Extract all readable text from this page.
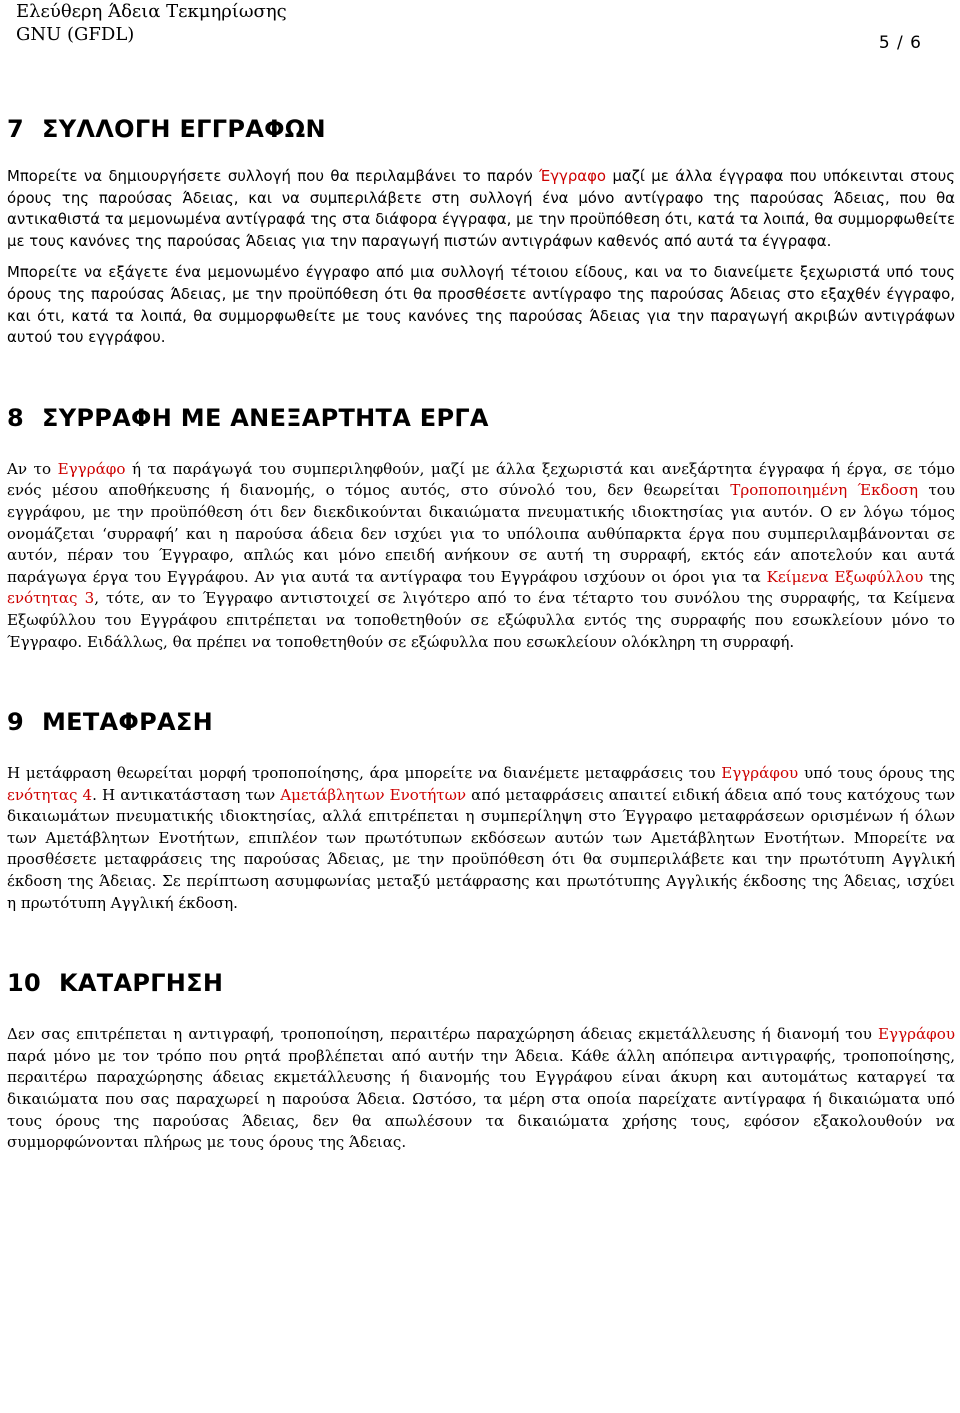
Ελεύθερη Άδεια Τεκμηρίωσης
GNU (GFDL)	5 / 6
7 ΣΥΛΛΟΓΗ ΕΓΓΡΑΦΩΝ

Μπορείτε να δημιουργήσετε συλλογή που θα περιλαμβάνει το παρόν Έγγραφο μαζί με άλλα έγγραφα που υπόκεινται στους όρους της παρούσας Άδειας, και να συμπεριλάβετε στη συλλογή ένα μόνο αντίγραφο της παρούσας Άδειας, που θα αντικαθιστά τα μεμονωμένα αντίγραφά της στα διάφορα έγγραφα, με την προϋπόθεση ότι, κατά τα λοιπά, θα συμμορφωθείτε με τους κανόνες της παρούσας Άδειας για την παραγωγή πιστών αντιγράφων καθενός από αυτά τα έγγραφα.

Μπορείτε να εξάγετε ένα μεμονωμένο έγγραφο από μια συλλογή τέτοιου είδους, και να το διανείμετε ξεχωριστά υπό τους όρους της παρούσας Άδειας, με την προϋπόθεση ότι θα προσθέσετε αντίγραφο της παρούσας Άδειας στο εξαχθέν έγγραφο, και ότι, κατά τα λοιπά, θα συμμορφωθείτε με τους κανόνες της παρούσας Άδειας για την παραγωγή ακριβών αντιγράφων αυτού του εγγράφου.

8 ΣΥΡΡΑΦΗ ΜΕ ΑΝΕΞΑΡΤΗΤΑ ΕΡΓΑ

Αν το Εγγράφο ή τα παράγωγά του συμπεριληφθούν, μαζί με άλλα ξεχωριστά και ανεξάρτητα έγγραφα ή έργα, σε τόμο ενός μέσου αποθήκευσης ή διανομής, ο τόμος αυτός, στο σύνολό του, δεν θεωρείται Τροποποιημένη Έκδοση του εγγράφου, με την προϋπόθεση ότι δεν διεκδικούνται δικαιώματα πνευματικής ιδιοκτησίας για αυτόν. Ο εν λόγω τόμος ονομάζεται ‘συρραφή’ και η παρούσα άδεια δεν ισχύει για το υπόλοιπα αυθύπαρκτα έργα που συμπεριλαμβάνονται σε αυτόν, πέραν του Έγγραφο, απλώς και μόνο επειδή ανήκουν σε αυτή τη συρραφή, εκτός εάν αποτελούν και αυτά παράγωγα έργα του Εγγράφου. Αν για αυτά τα αντίγραφα του Εγγράφου ισχύουν οι όροι για τα Κείμενα Εξωφύλλου της ενότητας 3, τότε, αν το Έγγραφο αντιστοιχεί σε λιγότερο από το ένα τέταρτο του συνόλου της συρραφής, τα Κείμενα Εξωφύλλου του Εγγράφου επιτρέπεται να τοποθετηθούν σε εξώφυλλα εντός της συρραφής που εσωκλείουν μόνο το Έγγραφο. Ειδάλλως, θα πρέπει να τοποθετηθούν σε εξώφυλλα που εσωκλείουν ολόκληρη τη συρραφή.

9 ΜΕΤΑΦΡΑΣΗ

Η μετάφραση θεωρείται μορφή τροποποίησης, άρα μπορείτε να διανέμετε μεταφράσεις του Εγγράφου υπό τους όρους της ενότητας 4. Η αντικατάσταση των Αμετάβλητων Ενοτήτων από μεταφράσεις απαιτεί ειδική άδεια από τους κατόχους των δικαιωμάτων πνευματικής ιδιοκτησίας, αλλά επιτρέπεται η συμπερίληψη στο Έγγραφο μεταφράσεων ορισμένων ή όλων των Αμετάβλητων Ενοτήτων, επιπλέον των πρωτότυπων εκδόσεων αυτών των Αμετάβλητων Ενοτήτων. Μπορείτε να προσθέσετε μεταφράσεις της παρούσας Άδειας, με την προϋπόθεση ότι θα συμπεριλάβετε και την πρωτότυπη Αγγλική έκδοση της Άδειας. Σε περίπτωση ασυμφωνίας μεταξύ μετάφρασης και πρωτότυπης Αγγλικής έκδοσης της Άδειας, ισχύει η πρωτότυπη Αγγλική έκδοση.

10 ΚΑΤΑΡΓΗΣΗ

Δεν σας επιτρέπεται η αντιγραφή, τροποποίηση, περαιτέρω παραχώρηση άδειας εκμετάλλευσης ή διανομή του Εγγράφου παρά μόνο με τον τρόπο που ρητά προβλέπεται από αυτήν την Άδεια. Κάθε άλλη απόπειρα αντιγραφής, τροποποίησης, περαιτέρω παραχώρησης άδειας εκμετάλλευσης ή διανομής του Εγγράφου είναι άκυρη και αυτομάτως καταργεί τα δικαιώματα που σας παραχωρεί η παρούσα Άδεια. Ωστόσο, τα μέρη στα οποία παρείχατε αντίγραφα ή δικαιώματα υπό τους όρους της παρούσας Άδειας, δεν θα απωλέσουν τα δικαιώματα χρήσης τους, εφόσον εξακολουθούν να συμμορφώνονται πλήρως με τους όρους της Άδειας.
